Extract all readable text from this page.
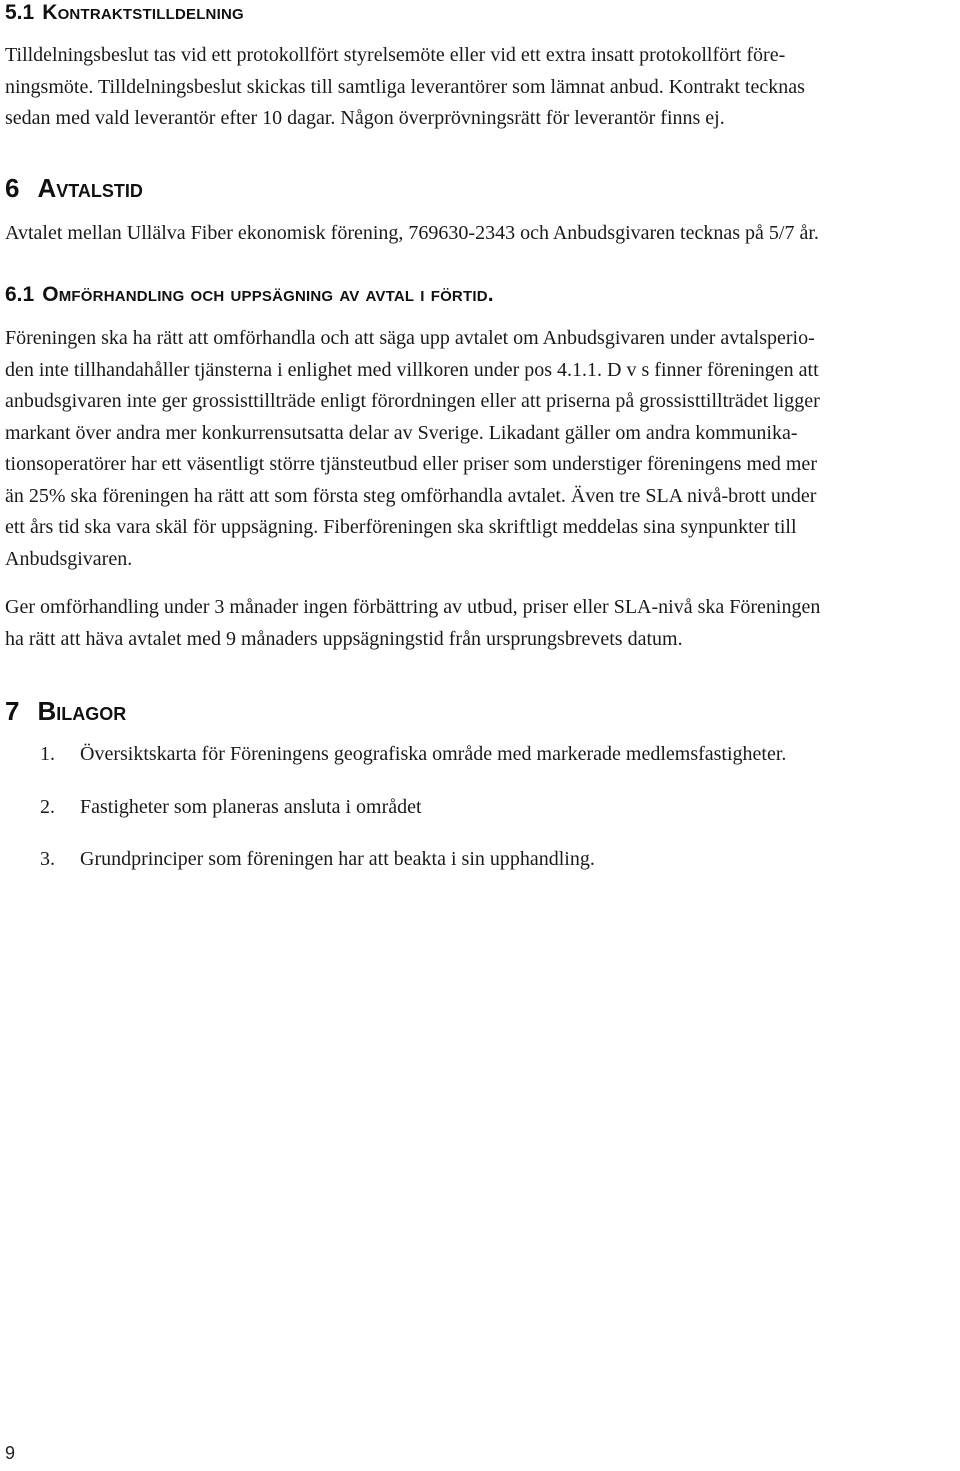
5.1 Kontraktstilldelning

Tilldelningsbeslut tas vid ett protokollfört styrelsemöte eller vid ett extra insatt protokollfört före-
ningsmöte. Tilldelningsbeslut skickas till samtliga leverantörer som lämnat anbud. Kontrakt tecknas
sedan med vald leverantör efter 10 dagar. Någon överprövningsrätt för leverantör finns ej.

6 Avtalstid

Avtalet mellan Ullälva Fiber ekonomisk förening, 769630-2343 och Anbudsgivaren tecknas på 5/7 år.

6.1 Omförhandling och uppsägning av avtal i förtid.

Föreningen ska ha rätt att omförhandla och att säga upp avtalet om Anbudsgivaren under avtalsperio-
den inte tillhandahåller tjänsterna i enlighet med villkoren under pos 4.1.1. D v s finner föreningen att
anbudsgivaren inte ger grossisttillträde enligt förordningen eller att priserna på grossisttillträdet ligger
markant över andra mer konkurrensutsatta delar av Sverige. Likadant gäller om andra kommunika-
tionsoperatörer har ett väsentligt större tjänsteutbud eller priser som understiger föreningens med mer
än 25% ska föreningen ha rätt att som första steg omförhandla avtalet. Även tre SLA nivå-brott under
ett års tid ska vara skäl för uppsägning. Fiberföreningen ska skriftligt meddelas sina synpunkter till
Anbudsgivaren.

Ger omförhandling under 3 månader ingen förbättring av utbud, priser eller SLA-nivå ska Föreningen
ha rätt att häva avtalet med 9 månaders uppsägningstid från ursprungsbrevets datum.

7 Bilagor
1. Översiktskarta för Föreningens geografiska område med markerade medlemsfastigheter.
2. Fastigheter som planeras ansluta i området
3. Grundprinciper som föreningen har att beakta i sin upphandling.
9
